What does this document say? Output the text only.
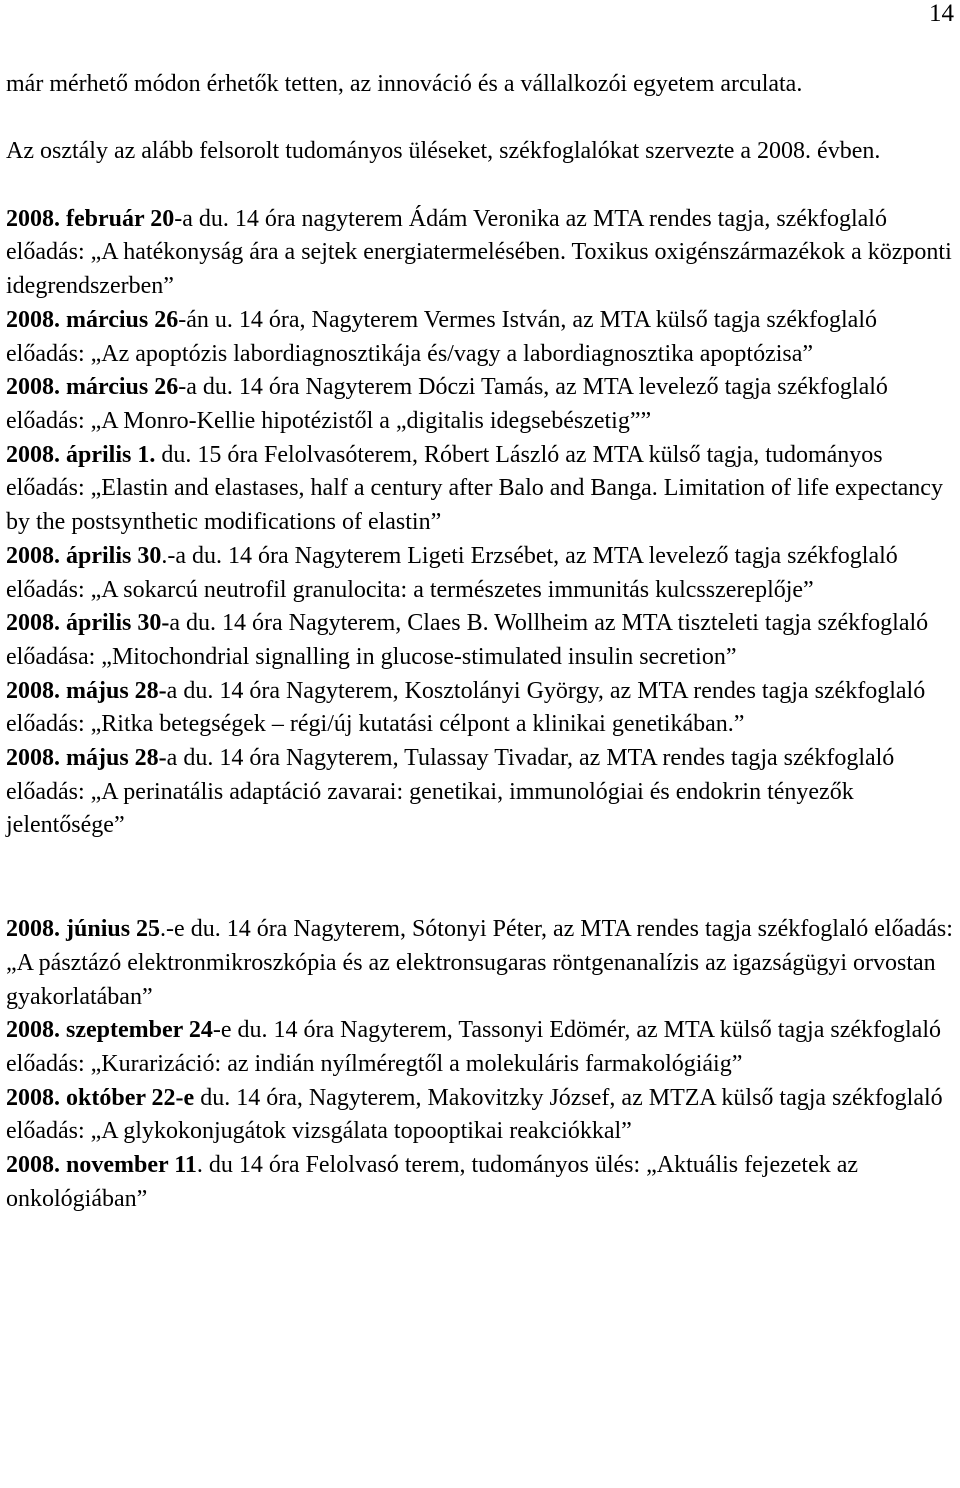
14

már mérhető módon érhetők tetten, az innováció és a vállalkozói egyetem arculata.

Az osztály az alább felsorolt tudományos üléseket, székfoglalókat szervezte a 2008. évben.

2008. február 20-a du. 14 óra nagyterem Ádám Veronika az MTA rendes tagja, székfoglaló előadás: „A hatékonyság ára a sejtek energiatermelésében. Toxikus oxigénszármazékok a központi idegrendszerben”

2008. március 26-án u. 14 óra, Nagyterem Vermes István, az MTA külső tagja székfoglaló előadás: „Az apoptózis labordiagnosztikája és/vagy a labordiagnosztika apoptózisa”

2008. március 26-a du. 14 óra Nagyterem Dóczi Tamás, az MTA levelező tagja székfoglaló előadás: „A Monro-Kellie hipotézistől a „digitalis idegsebészetig””

2008. április 1. du. 15 óra Felolvasóterem, Róbert László az MTA külső tagja, tudományos előadás: „Elastin and elastases, half a century after Balo and Banga. Limitation of life expectancy by the postsynthetic modifications of elastin”

2008. április 30.-a du. 14 óra Nagyterem Ligeti Erzsébet, az MTA levelező tagja székfoglaló előadás: „A sokarcú neutrofil granulocita: a természetes immunitás kulcsszereplője”

2008. április 30-a du. 14 óra Nagyterem, Claes B. Wollheim az MTA tiszteleti tagja székfoglaló előadása: „Mitochondrial signalling in glucose-stimulated insulin secretion”

2008. május 28-a du. 14 óra Nagyterem, Kosztolányi György, az MTA rendes tagja székfoglaló előadás: „Ritka betegségek – régi/új kutatási célpont a klinikai genetikában.”

2008. május 28-a du. 14 óra Nagyterem, Tulassay Tivadar, az MTA rendes tagja székfoglaló előadás: „A perinatális adaptáció zavarai: genetikai, immunológiai és endokrin tényezők jelentősége”

2008. június 25.-e du. 14 óra Nagyterem, Sótonyi Péter, az MTA rendes tagja székfoglaló előadás: „A pásztázó elektronmikroszkópia és az elektronsugaras röntgenanalízis az igazságügyi orvostan gyakorlatában”

2008. szeptember 24-e du. 14 óra Nagyterem, Tassonyi Edömér, az MTA külső tagja székfoglaló előadás: „Kurarizáció: az indián nyílméregtől a molekuláris farmakológiáig”

2008. október 22-e du. 14 óra, Nagyterem, Makovitzky József, az MTZA külső tagja székfoglaló előadás: „A glykokonjugátok vizsgálata topooptikai reakciókkal”

2008. november 11. du 14 óra Felolvasó terem, tudományos ülés: „Aktuális fejezetek az onkológiában”
